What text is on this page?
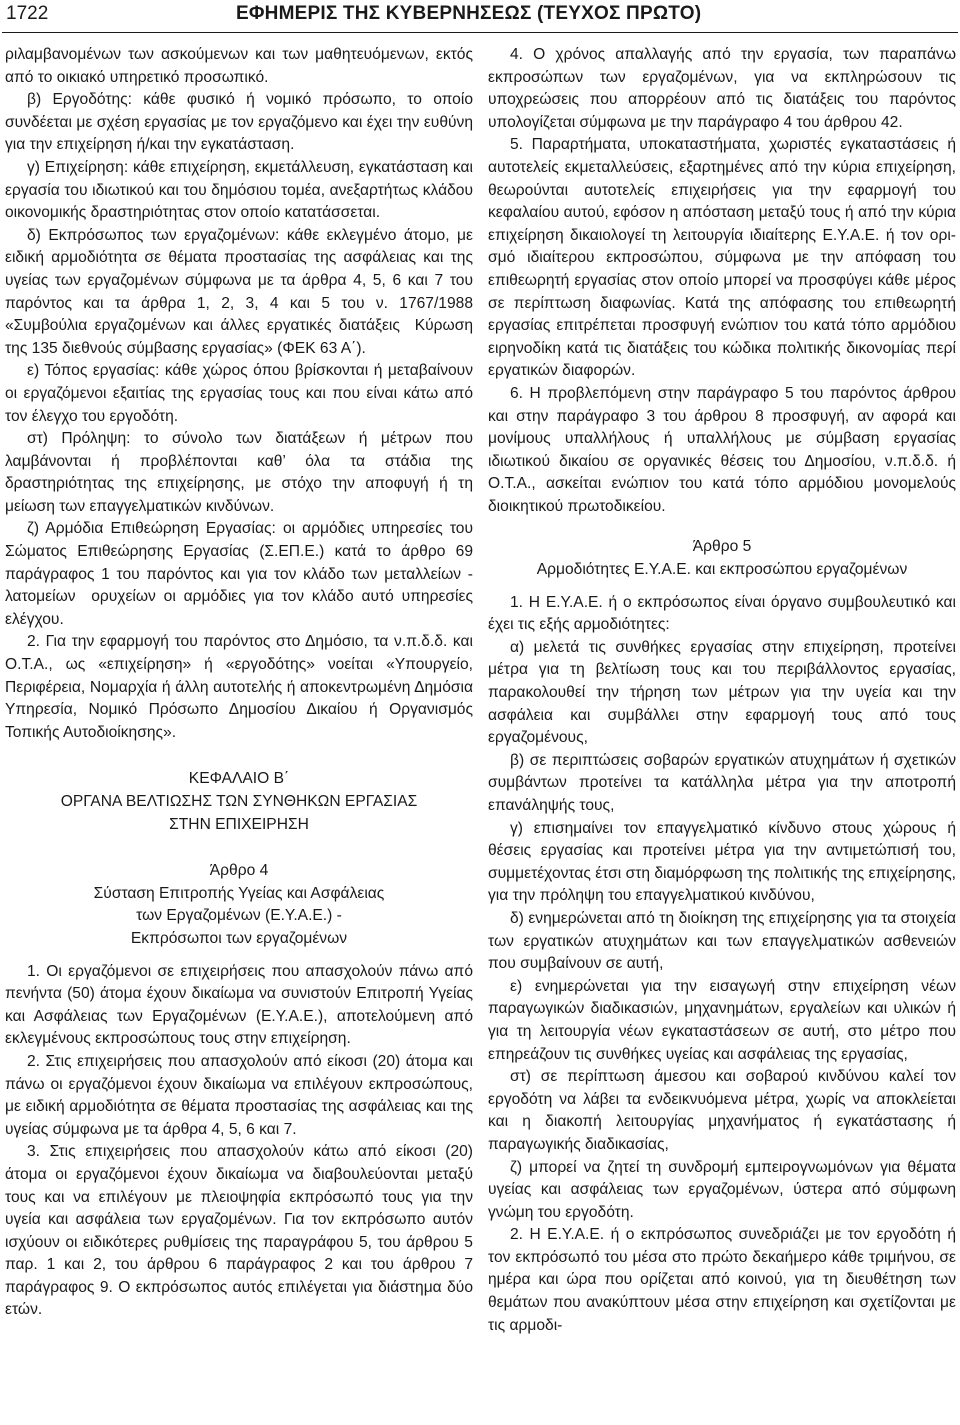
1722	ΕΦΗΜΕΡΙΣ ΤΗΣ ΚΥΒΕΡΝΗΣΕΩΣ (ΤΕΥΧΟΣ ΠΡΩΤΟ)

ριλαμβανομένων των ασκούμενων και των μαθητευόμενων, εκτός από το οικιακό υπηρετικό προσωπικό.

β) Εργοδότης: κάθε φυσικό ή νομικό πρόσωπο, το οποίο συνδέεται με σχέση εργασίας με τον εργαζόμενο και έχει την ευθύνη για την επιχείρηση ή/και την εγκατάσταση.

γ) Επιχείρηση: κάθε επιχείρηση, εκμετάλλευση, εγκατάσταση και εργασία του ιδιωτικού και του δημόσιου τομέα, ανεξαρτήτως κλάδου οικονομικής δραστηριότητας στον οποίο κατατάσσεται.

δ) Εκπρόσωπος των εργαζομένων: κάθε εκλεγμένο άτομο, με ειδική αρμοδιότητα σε θέματα προστασίας της ασφάλειας και της υγείας των εργαζομένων σύμφωνα με τα άρθρα 4, 5, 6 και 7 του παρόντος και τα άρθρα 1, 2, 3, 4 και 5 του ν. 1767/1988 «Συμβούλια εργαζομένων και άλλες εργατικές διατάξεις Κύρωση της 135 διεθνούς σύμβασης εργασίας» (ΦΕΚ 63 Α΄).

ε) Τόπος εργασίας: κάθε χώρος όπου βρίσκονται ή μεταβαίνουν οι εργαζόμενοι εξαιτίας της εργασίας τους και που είναι κάτω από τον έλεγχο του εργοδότη.

στ) Πρόληψη: το σύνολο των διατάξεων ή μέτρων που λαμβάνονται ή προβλέπονται καθ’ όλα τα στάδια της δραστηριότητας της επιχείρησης, με στόχο την αποφυγή ή τη μείωση των επαγγελματικών κινδύνων.

ζ) Αρμόδια Επιθεώρηση Εργασίας: οι αρμόδιες υπηρεσίες του Σώματος Επιθεώρησης Εργασίας (Σ.ΕΠ.Ε.) κατά το άρθρο 69 παράγραφος 1 του παρόντος και για τον κλάδο των μεταλλείων λατομείων ορυχείων οι αρμόδιες για τον κλάδο αυτό υπηρεσίες ελέγχου.

2. Για την εφαρμογή του παρόντος στο Δημόσιο, τα ν.π.δ.δ. και Ο.Τ.Α., ως «επιχείρηση» ή «εργοδότης» νοείται «Υπουργείο, Περιφέρεια, Νομαρχία ή άλλη αυτοτελής ή αποκεντρωμένη Δημόσια Υπηρεσία, Νομικό Πρόσωπο Δημοσίου Δικαίου ή Οργανισμός Τοπικής Αυτοδιοίκησης».

ΚΕΦΑΛΑΙΟ Β΄

ΟΡΓΑΝΑ ΒΕΛΤΙΩΣΗΣ ΤΩΝ ΣΥΝΘΗΚΩΝ ΕΡΓΑΣΙΑΣ

ΣΤΗΝ ΕΠΙΧΕΙΡΗΣΗ

Άρθρο 4

Σύσταση Επιτροπής Υγείας και Ασφάλειας

των Εργαζομένων (Ε.Υ.Α.Ε.) -

Εκπρόσωποι των εργαζομένων

1. Οι εργαζόμενοι σε επιχειρήσεις που απασχολούν πάνω από πενήντα (50) άτομα έχουν δικαίωμα να συνιστούν Επιτροπή Υγείας και Ασφάλειας των Εργαζομένων (Ε.Υ.Α.Ε.), αποτελούμενη από εκλεγμένους εκπροσώπους τους στην επιχείρηση.

2. Στις επιχειρήσεις που απασχολούν από είκοσι (20) άτομα και πάνω οι εργαζόμενοι έχουν δικαίωμα να επιλέγουν εκπροσώπους, με ειδική αρμοδιότητα σε θέματα προστασίας της ασφάλειας και της υγείας σύμφωνα με τα άρθρα 4, 5, 6 και 7.

3. Στις επιχειρήσεις που απασχολούν κάτω από είκοσι (20) άτομα οι εργαζόμενοι έχουν δικαίωμα να διαβουλεύονται μεταξύ τους και να επιλέγουν με πλειοψηφία εκπρόσωπό τους για την υγεία και ασφάλεια των εργαζομένων. Για τον εκπρόσωπο αυτόν ισχύουν οι ειδικότερες ρυθμίσεις της παραγράφου 5, του άρθρου 5 παρ. 1 και 2, του άρθρου 6 παράγραφος 2 και του άρθρου 7 παράγραφος 9. Ο εκπρόσωπος αυτός επιλέγεται για διάστημα δύο ετών.

4. Ο χρόνος απαλλαγής από την εργασία, των παραπάνω εκπροσώπων των εργαζομένων, για να εκπληρώσουν τις υποχρεώσεις που απορρέουν από τις διατάξεις του παρόντος υπολογίζεται σύμφωνα με την παράγραφο 4 του άρθρου 42.

5. Παραρτήματα, υποκαταστήματα, χωριστές εγκαταστάσεις ή αυτοτελείς εκμεταλλεύσεις, εξαρτημένες από την κύρια επιχείρηση, θεωρούνται αυτοτελείς επιχειρήσεις για την εφαρμογή του κεφαλαίου αυτού, εφόσον η απόσταση μεταξύ τους ή από την κύρια επιχείρηση δικαιολογεί τη λειτουργία ιδιαίτερης Ε.Υ.Α.Ε. ή τον ορισμό ιδιαίτερου εκπροσώπου, σύμφωνα με την απόφαση του επιθεωρητή εργασίας στον οποίο μπορεί να προσφύγει κάθε μέρος σε περίπτωση διαφωνίας. Κατά της απόφασης του επιθεωρητή εργασίας επιτρέπεται προσφυγή ενώπιον του κατά τόπο αρμόδιου ειρηνοδίκη κατά τις διατάξεις του κώδικα πολιτικής δικονομίας περί εργατικών διαφορών.

6. Η προβλεπόμενη στην παράγραφο 5 του παρόντος άρθρου και στην παράγραφο 3 του άρθρου 8 προσφυγή, αν αφορά και μονίμους υπαλλήλους ή υπαλλήλους με σύμβαση εργασίας ιδιωτικού δικαίου σε οργανικές θέσεις του Δημοσίου, ν.π.δ.δ. ή Ο.Τ.Α., ασκείται ενώπιον του κατά τόπο αρμόδιου μονομελούς διοικητικού πρωτοδικείου.

Άρθρο 5

Αρμοδιότητες Ε.Υ.Α.Ε. και εκπροσώπου εργαζομένων

1. Η Ε.Υ.Α.Ε. ή ο εκπρόσωπος είναι όργανο συμβουλευτικό και έχει τις εξής αρμοδιότητες:

α) μελετά τις συνθήκες εργασίας στην επιχείρηση, προτείνει μέτρα για τη βελτίωση τους και του περιβάλλοντος εργασίας, παρακολουθεί την τήρηση των μέτρων για την υγεία και την ασφάλεια και συμβάλλει στην εφαρμογή τους από τους εργαζομένους,

β) σε περιπτώσεις σοβαρών εργατικών ατυχημάτων ή σχετικών συμβάντων προτείνει τα κατάλληλα μέτρα για την αποτροπή επανάληψής τους,

γ) επισημαίνει τον επαγγελματικό κίνδυνο στους χώρους ή θέσεις εργασίας και προτείνει μέτρα για την αντιμετώπισή του, συμμετέχοντας έτσι στη διαμόρφωση της πολιτικής της επιχείρησης, για την πρόληψη του επαγγελματικού κινδύνου,

δ) ενημερώνεται από τη διοίκηση της επιχείρησης για τα στοιχεία των εργατικών ατυχημάτων και των επαγγελματικών ασθενειών που συμβαίνουν σε αυτή,

ε) ενημερώνεται για την εισαγωγή στην επιχείρηση νέων παραγωγικών διαδικασιών, μηχανημάτων, εργαλείων και υλικών ή για τη λειτουργία νέων εγκαταστάσεων σε αυτή, στο μέτρο που επηρεάζουν τις συνθήκες υγείας και ασφάλειας της εργασίας,

στ) σε περίπτωση άμεσου και σοβαρού κινδύνου καλεί τον εργοδότη να λάβει τα ενδεικνυόμενα μέτρα, χωρίς να αποκλείεται και η διακοπή λειτουργίας μηχανήματος ή εγκατάστασης ή παραγωγικής διαδικασίας,

ζ) μπορεί να ζητεί τη συνδρομή εμπειρογνωμόνων για θέματα υγείας και ασφάλειας των εργαζομένων, ύστερα από σύμφωνη γνώμη του εργοδότη.

2. Η Ε.Υ.Α.Ε. ή ο εκπρόσωπος συνεδριάζει με τον εργοδότη ή τον εκπρόσωπό του μέσα στο πρώτο δεκαήμερο κάθε τριμήνου, σε ημέρα και ώρα που ορίζεται από κοινού, για τη διευθέτηση των θεμάτων που ανακύπτουν μέσα στην επιχείρηση και σχετίζονται με τις αρμοδι-
